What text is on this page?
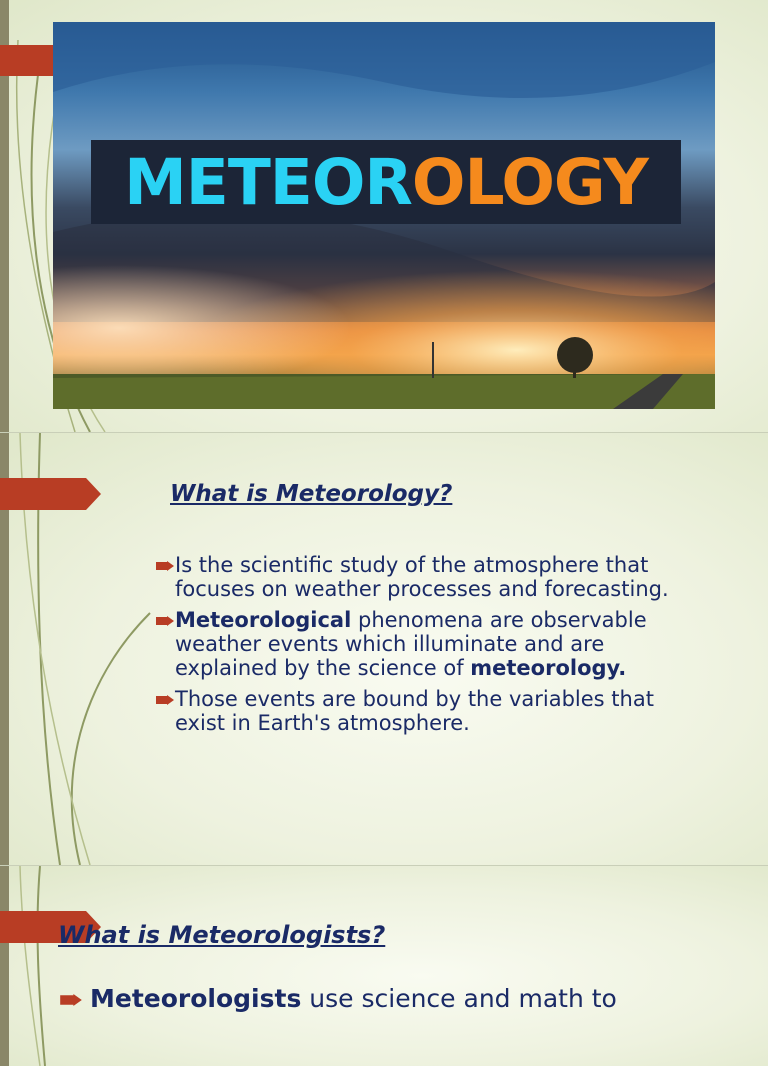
METEOR OLOGY
What is Meteorology?
Is the scientific study of the atmosphere that focuses on weather processes and forecasting.
Meteorological phenomena are observable weather events which illuminate and are explained by the science of meteorology.
Those events are bound by the variables that exist in Earth's atmosphere.
What is Meteorologists?
Meteorologists use science and math to
